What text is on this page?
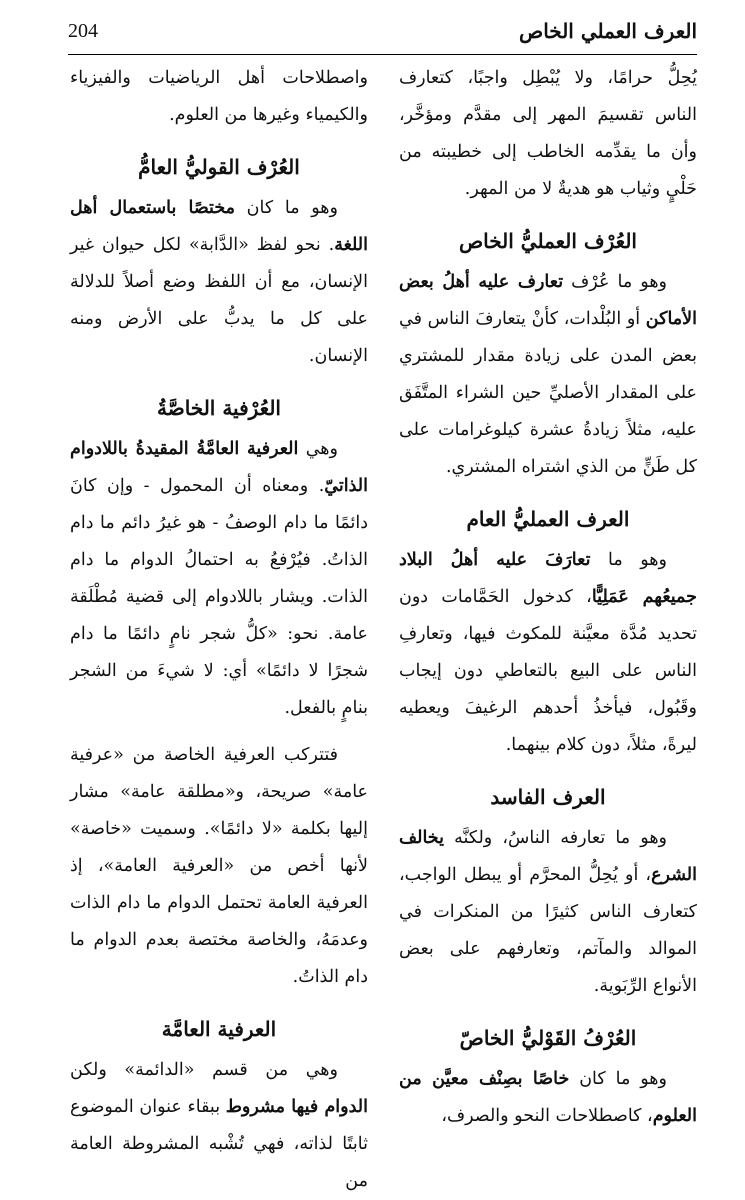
204	العرف العملي الخاص

يُحِلُّ حرامًا، ولا يُبْطِل واجبًا، كتعارف الناس تقسيمَ المهر إلى مقدَّم ومؤخَّر، وأن ما يقدِّمه الخاطب إلى خطيبته من حَلْيٍ وثياب هو هديةٌ لا من المهر.

العُرْف العمليُّ الخاص

وهو ما عُرْف تعارف عليه أهلُ بعض الأماكن أو البُلْدات، كأنْ يتعارفَ الناس في بعض المدن على زيادة مقدار للمشتري على المقدار الأصليِّ حين الشراء المتَّفَق عليه، مثلاً زيادةُ عشرة كيلوغرامات على كل طَنٍّ من الذي اشتراه المشتري.

العرف العمليُّ العام

وهو ما تعارَفَ عليه أهلُ البلاد جميعُهم عَمَلِيًّا، كدخول الحَمَّامات دون تحديد مُدَّة معيَّنة للمكوث فيها، وتعارفِ الناس على البيع بالتعاطي دون إيجاب وقَبُول، فيأخذُ أحدهم الرغيفَ ويعطيه ليرةً، مثلاً، دون كلام بينهما.

العرف الفاسد

وهو ما تعارفه الناسُ، ولكنَّه يخالف الشرع، أو يُحِلُّ المحرَّم أو يبطل الواجب، كتعارف الناس كثيرًا من المنكرات في الموالد والمآتم، وتعارفهم على بعض الأنواع الرِّبَوية.

العُرْفُ القَوْليُّ الخاصّ

وهو ما كان خاصًا بصِنْف معيَّن من العلوم، كاصطلاحات النحو والصرف،

واصطلاحات أهل الرياضيات والفيزياء والكيمياء وغيرها من العلوم.

العُرْف القوليُّ العامُّ

وهو ما كان مختصًا باستعمال أهل اللغة. نحو لفظ «الدَّابة» لكل حيوان غير الإنسان، مع أن اللفظ وضع أصلاً للدلالة على كل ما يدبُّ على الأرض ومنه الإنسان.

العُرْفية الخاصَّةُ

وهي العرفية العامَّةُ المقيدةُ باللادوام الذاتيّ. ومعناه أن المحمول - وإن كانَ دائمًا ما دام الوصفُ - هو غيرُ دائم ما دام الذاتُ. فيُرْفعُ به احتمالُ الدوام ما دام الذات. ويشار باللادوام إلى قضية مُطْلَقة عامة. نحو: «كلُّ شجر نامٍ دائمًا ما دام شجرًا لا دائمًا» أي: لا شيءَ من الشجر بنامٍ بالفعل.

فتتركب العرفية الخاصة من «عرفية عامة» صريحة، و«مطلقة عامة» مشار إليها بكلمة «لا دائمًا». وسميت «خاصة» لأنها أخص من «العرفية العامة»، إذ العرفية العامة تحتمل الدوام ما دام الذات وعدمَهُ، والخاصة مختصة بعدم الدوام ما دام الذاتُ.

العرفية العامَّة

وهي من قسم «الدائمة» ولكن الدوام فيها مشروط ببقاء عنوان الموضوع ثابتًا لذاته، فهي تُشْبه المشروطة العامة من
